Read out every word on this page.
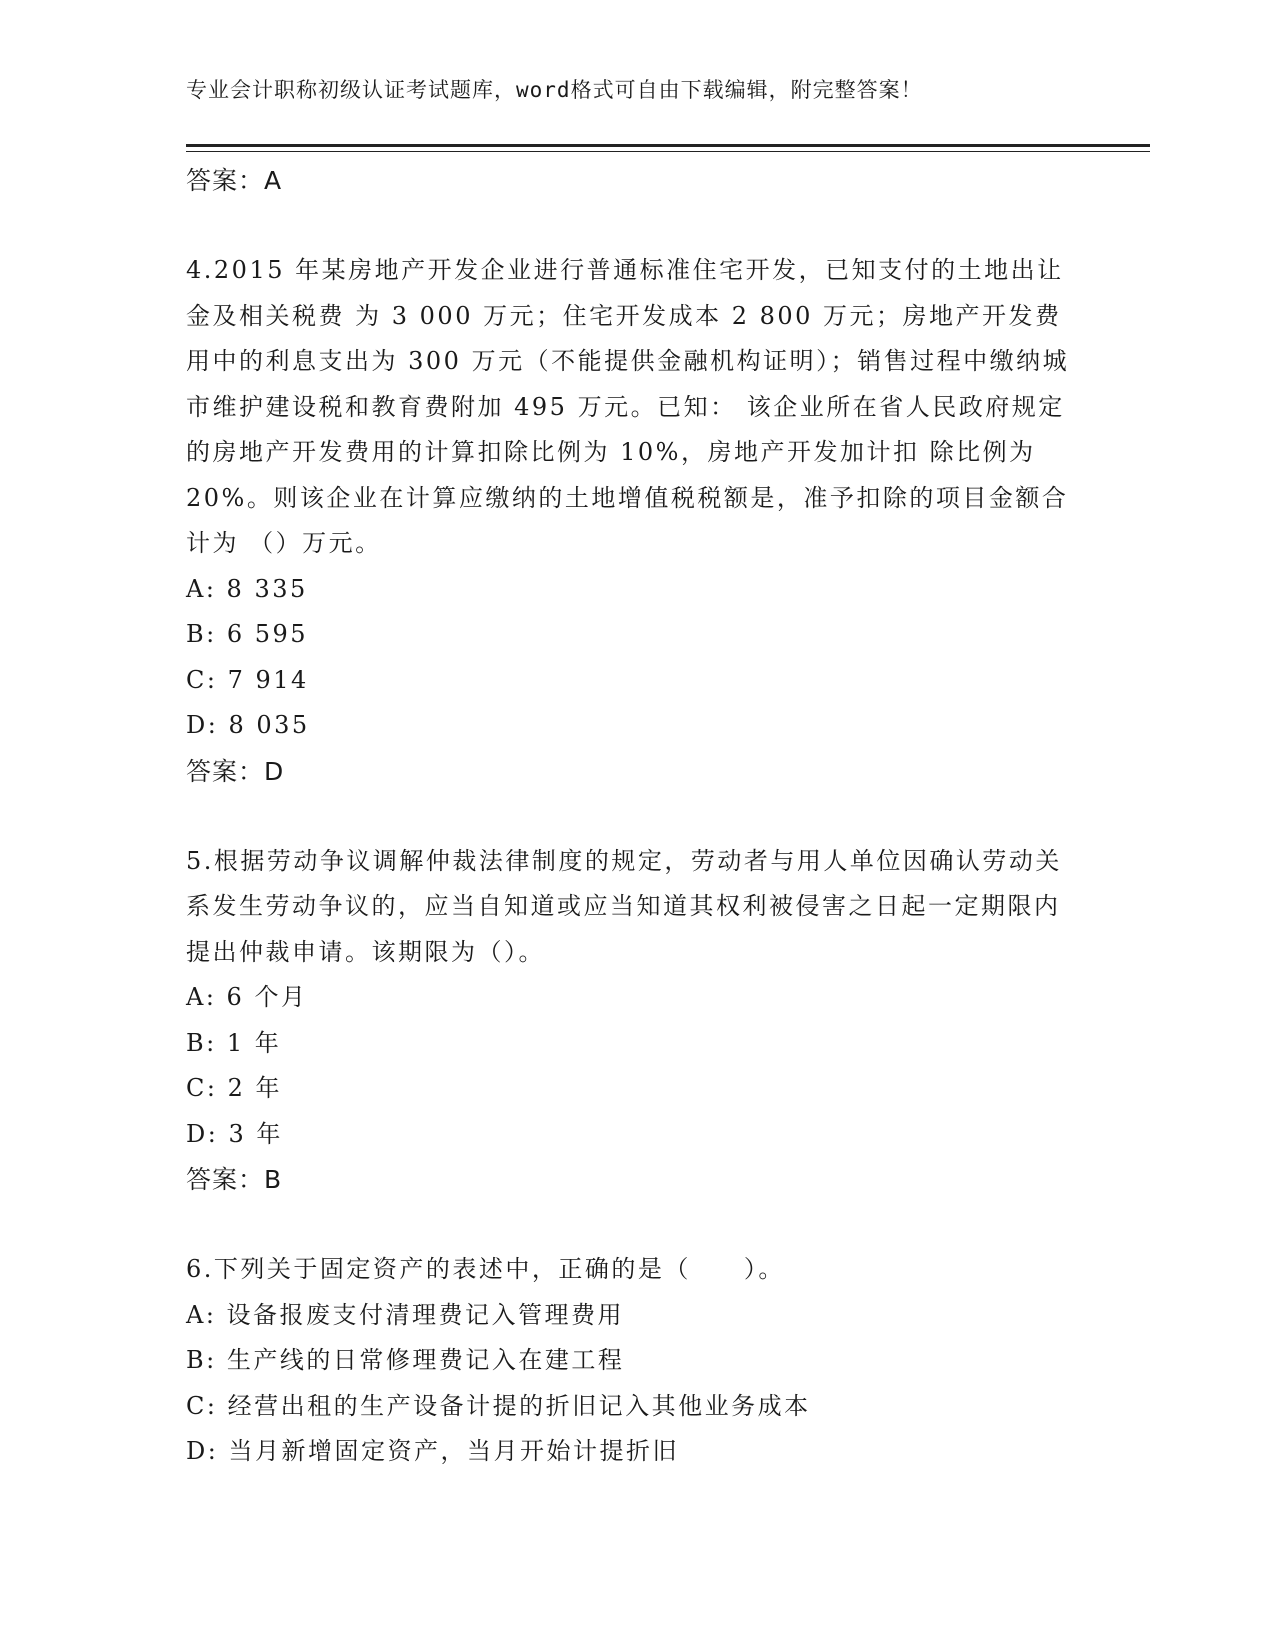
专业会计职称初级认证考试题库，word格式可自由下载编辑，附完整答案！
答案：A
4.2015 年某房地产开发企业进行普通标准住宅开发，已知支付的土地出让金及相关税费 为 3 000 万元；住宅开发成本 2 800 万元；房地产开发费用中的利息支出为 300 万元（不能提供金融机构证明）；销售过程中缴纳城市维护建设税和教育费附加 495 万元。已知： 该企业所在省人民政府规定的房地产开发费用的计算扣除比例为 10%，房地产开发加计扣 除比例为 20%。则该企业在计算应缴纳的土地增值税税额是，准予扣除的项目金额合计为 （）万元。
A: 8 335
B: 6 595
C: 7 914
D: 8 035
答案：D
5.根据劳动争议调解仲裁法律制度的规定，劳动者与用人单位因确认劳动关系发生劳动争议的，应当自知道或应当知道其权利被侵害之日起一定期限内提出仲裁申请。该期限为（）。
A: 6 个月
B: 1 年
C: 2 年
D: 3 年
答案：B
6.下列关于固定资产的表述中，正确的是（　　）。
A: 设备报废支付清理费记入管理费用
B: 生产线的日常修理费记入在建工程
C: 经营出租的生产设备计提的折旧记入其他业务成本
D: 当月新增固定资产，当月开始计提折旧
